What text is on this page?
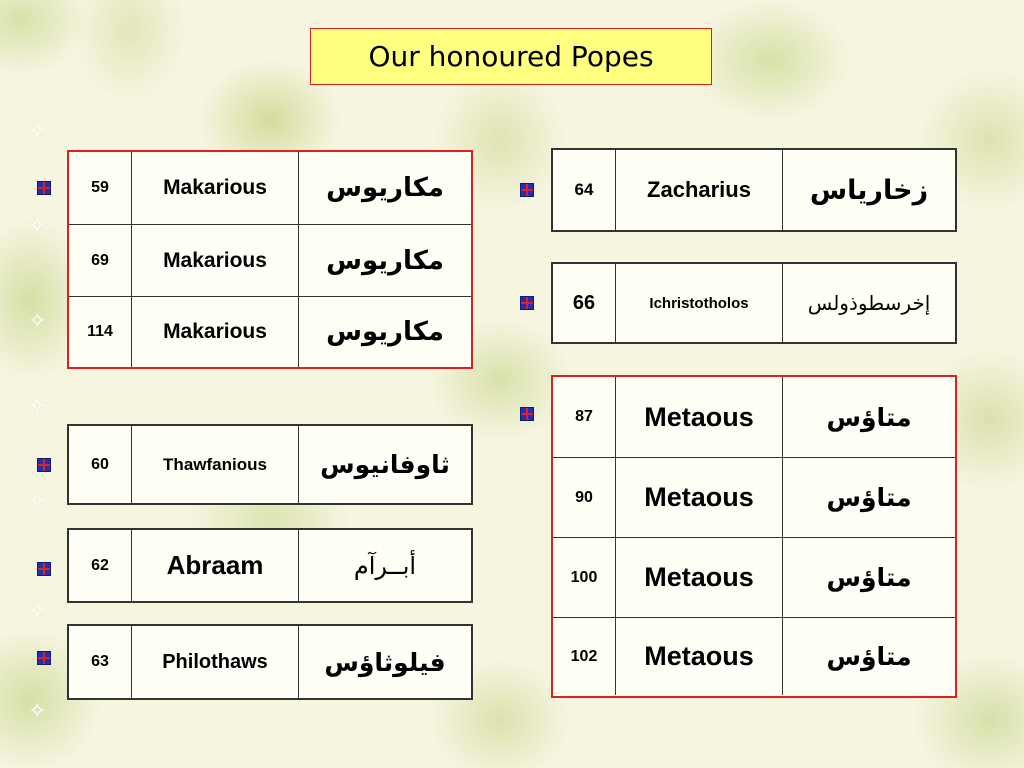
✧
✧
✧
✧
✧
✧
✧
Our honoured Popes
59	Makarious	مكاريوس
69	Makarious	مكاريوس
114	Makarious	مكاريوس
60	Thawfanious	ثاوفانيوس
62	Abraam	أبــرآم
63	Philothaws	فيلوثاؤس
64	Zacharius	زخارياس
66	Ichristotholos	إخرسطوذولس
87	Metaous	متاؤس
90	Metaous	متاؤس
100	Metaous	متاؤس
102	Metaous	متاؤس
